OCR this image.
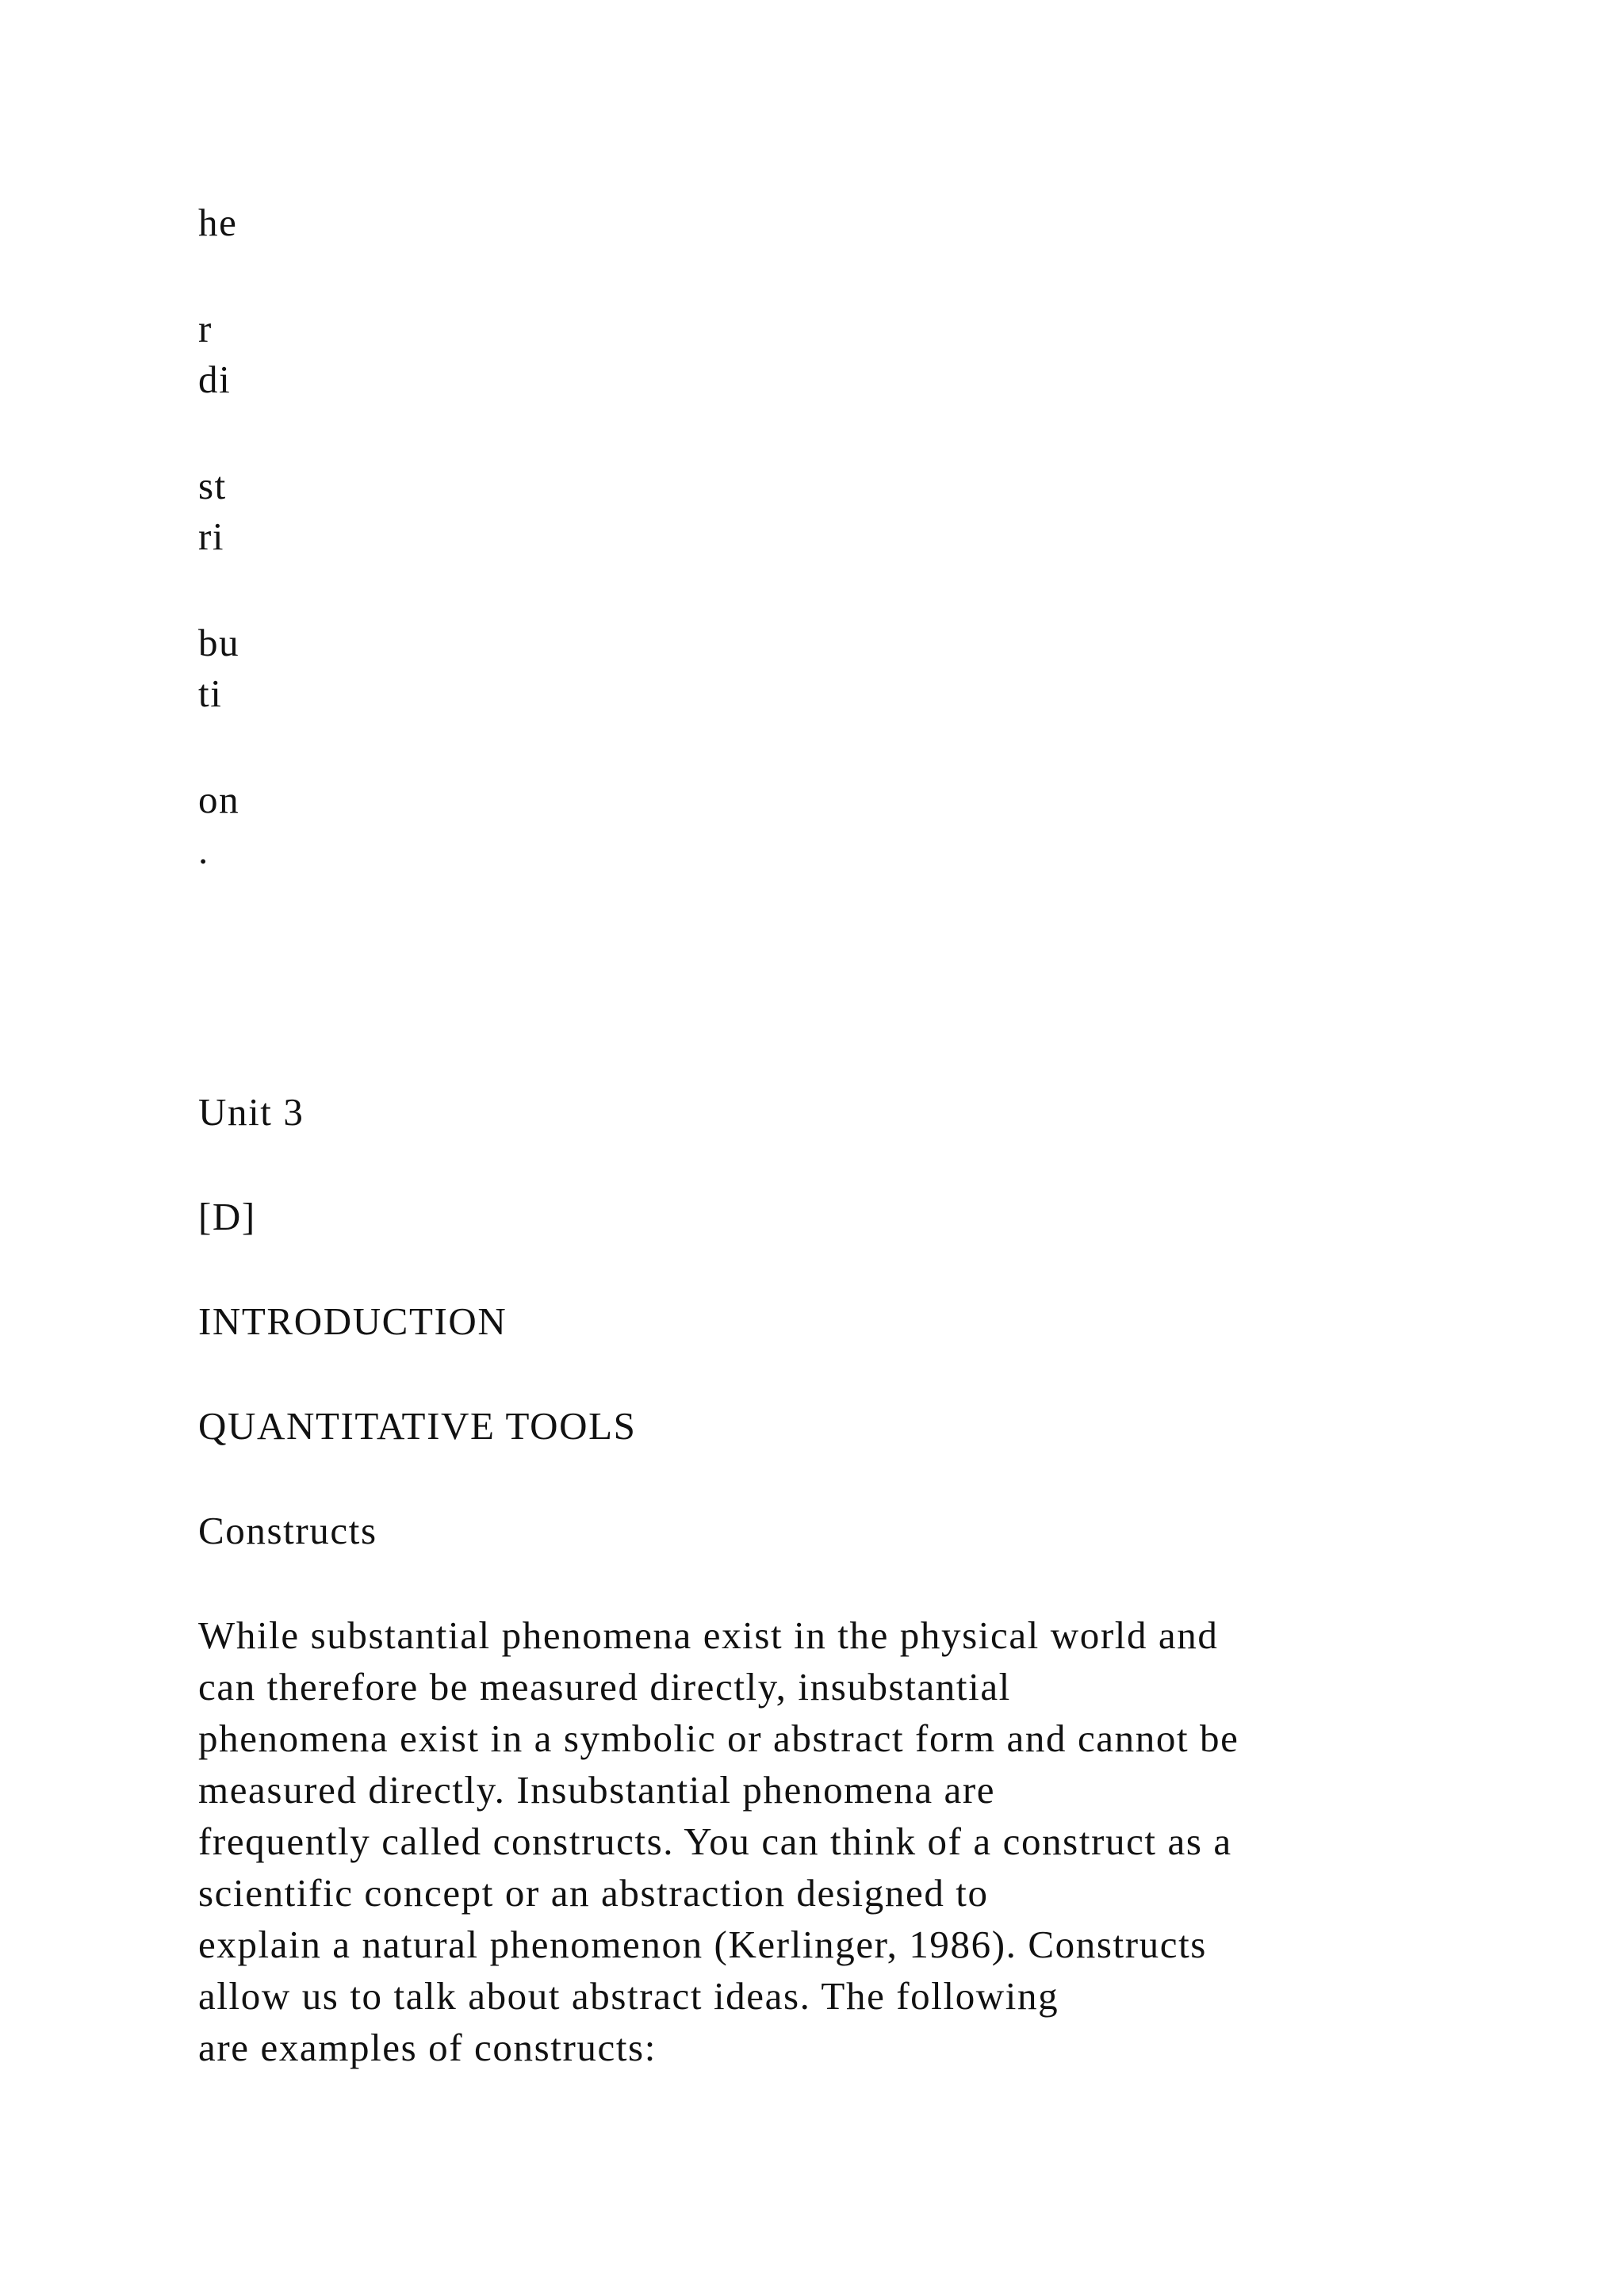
he
r
di
st
ri
bu
ti
on
.
Unit 3
[D]
INTRODUCTION
QUANTITATIVE TOOLS
Constructs
While substantial phenomena exist in the physical world and
can therefore be measured directly, insubstantial
phenomena exist in a symbolic or abstract form and cannot be
measured directly. Insubstantial phenomena are
frequently called constructs. You can think of a construct as a
scientific concept or an abstraction designed to
explain a natural phenomenon (Kerlinger, 1986). Constructs
allow us to talk about abstract ideas. The following
are examples of constructs:
